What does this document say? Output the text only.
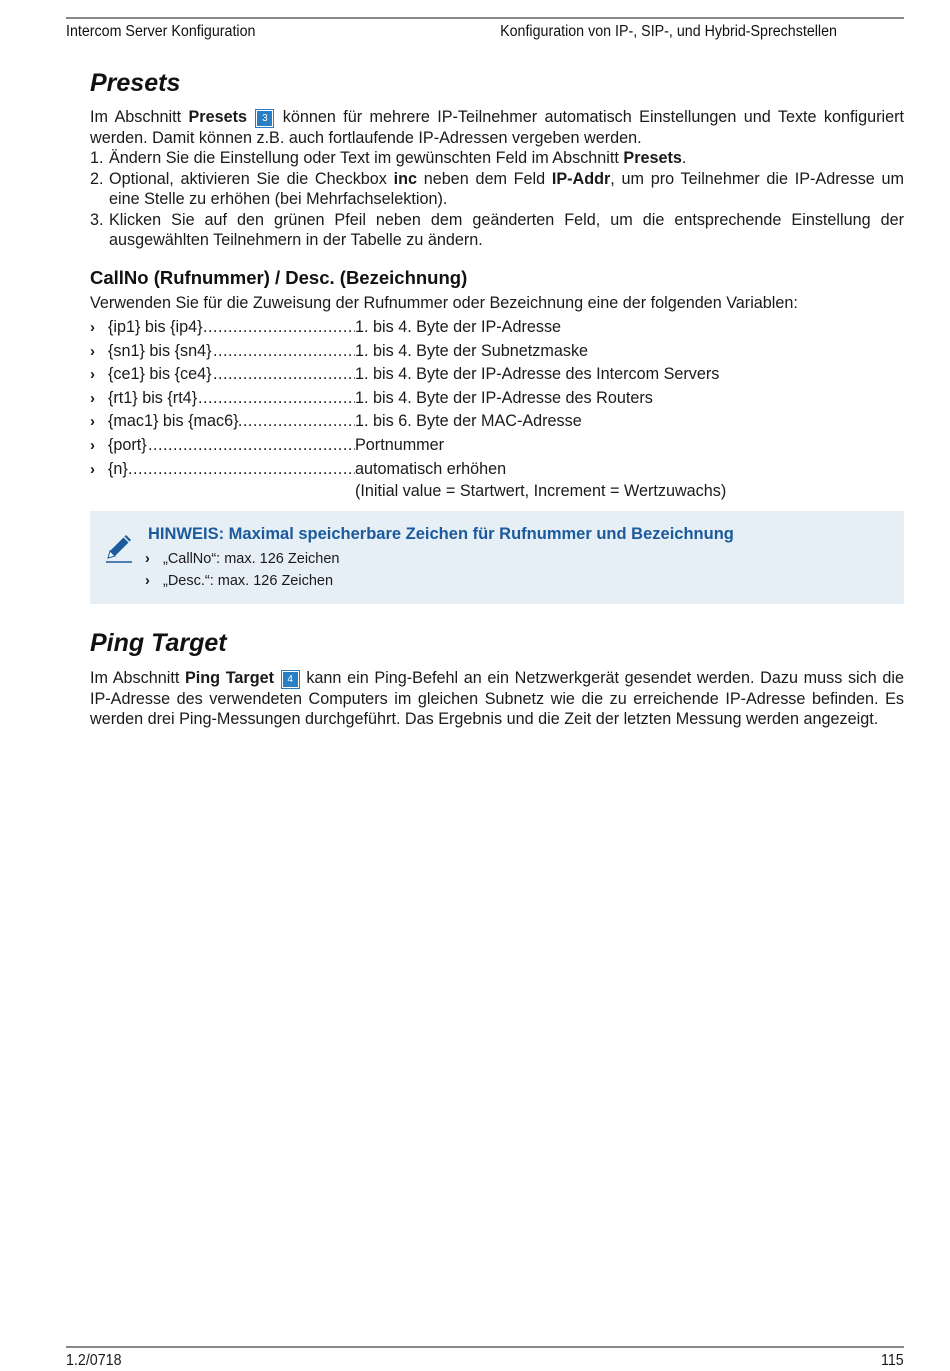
Intercom Server Konfiguration	Konfiguration von IP-, SIP-, und Hybrid-Sprechstellen
Presets

Im Abschnitt Presets 3 können für mehrere IP-Teilnehmer automatisch Einstellungen und Texte konfiguriert werden. Damit können z.B. auch fortlaufende IP-Adressen vergeben werden.

1. Ändern Sie die Einstellung oder Text im gewünschten Feld im Abschnitt Presets.
2. Optional, aktivieren Sie die Checkbox inc neben dem Feld IP-Addr, um pro Teilnehmer die IP-Adresse um eine Stelle zu erhöhen (bei Mehrfachselektion).
3. Klicken Sie auf den grünen Pfeil neben dem geänderten Feld, um die entsprechende Einstellung der ausgewählten Teilnehmern in der Tabelle zu ändern.
CallNo (Rufnummer) / Desc. (Bezeichnung)

Verwenden Sie für die Zuweisung der Rufnummer oder Bezeichnung eine der folgenden Variablen:

› ..... {ip1} bis {ip4}	1. bis 4. Byte der IP-Adresse
› ..... {sn1} bis {sn4}	1. bis 4. Byte der Subnetzmaske
› ..... {ce1} bis {ce4}	1. bis 4. Byte der IP-Adresse des Intercom Servers
› ..... {rt1} bis {rt4}	1. bis 4. Byte der IP-Adresse des Routers
› ..... {mac1} bis {mac6}	1. bis 6. Byte der MAC-Adresse
› ..... {port}	Portnummer
› ..... {n}	automatisch erhöhen
(Initial value = Startwert, Increment = Wertzuwachs)
HINWEIS: Maximal speicherbare Zeichen für Rufnummer und Bezeichnung
› „CallNo“: max. 126 Zeichen
› „Desc.“: max. 126 Zeichen
Ping Target

Im Abschnitt Ping Target 4 kann ein Ping-Befehl an ein Netzwerkgerät gesendet werden. Dazu muss sich die IP-Adresse des verwendeten Computers im gleichen Subnetz wie die zu erreichende IP-Adresse befinden. Es werden drei Ping-Messungen durchgeführt. Das Ergebnis und die Zeit der letzten Messung werden angezeigt.

1.2/0718	115
